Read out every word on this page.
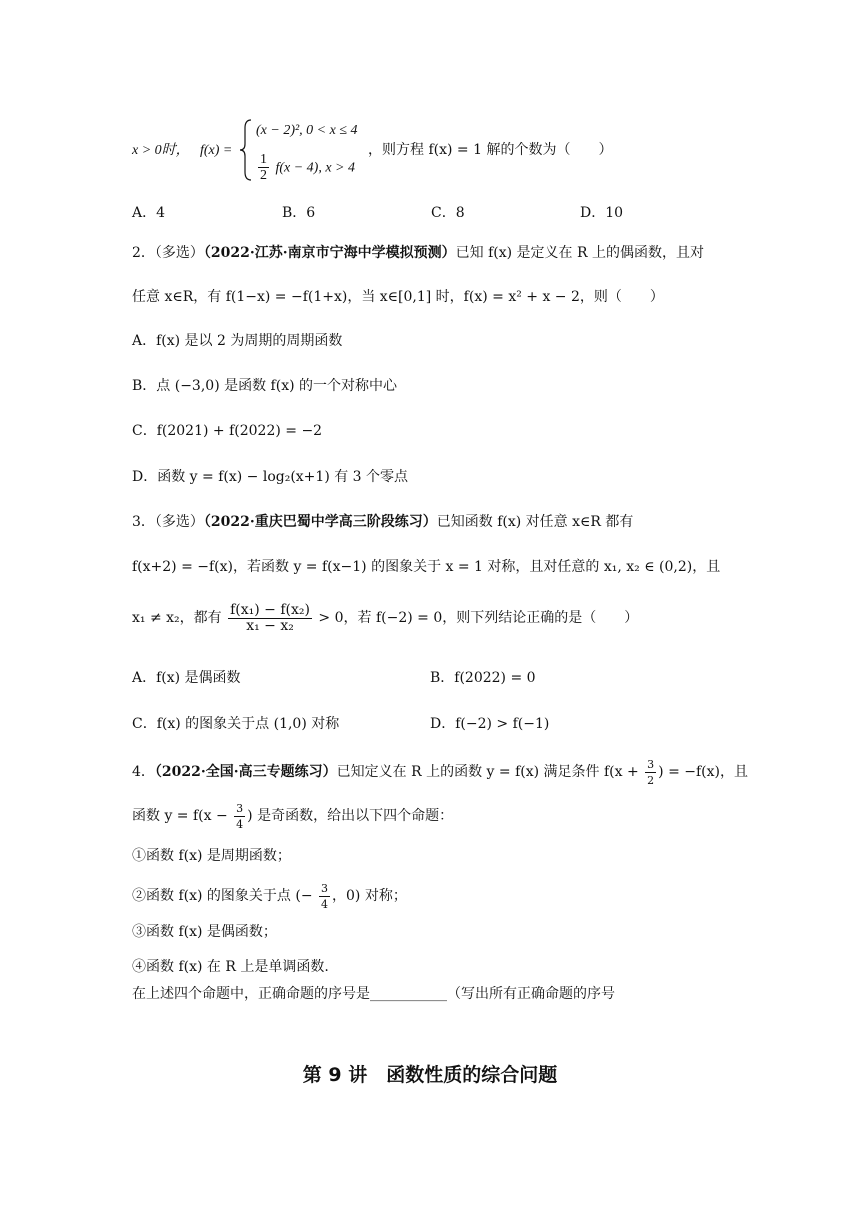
x > 0时， f(x) =
(x − 2)², 0 < x ≤ 4
$\frac{1}{2} f(x - 4)$, x > 4
，则方程 f(x) = 1 解的个数为（　　）
A．4	B．6	C．8	D．10
2．（多选）（2022·江苏·南京市宁海中学模拟预测）已知 f(x) 是定义在 R 上的偶函数，且对
任意 x∈R，有 f(1−x) = −f(1+x)，当 x∈[0,1] 时，f(x) = x² + x − 2，则（　　）
A．f(x) 是以 2 为周期的周期函数
B．点 (−3,0) 是函数 f(x) 的一个对称中心
C．f(2021) + f(2022) = −2
D．函数 y = f(x) − log₂(x+1) 有 3 个零点
3．（多选）（2022·重庆巴蜀中学高三阶段练习）已知函数 f(x) 对任意 x∈R 都有
f(x+2) = −f(x)，若函数 y = f(x−1) 的图象关于 x = 1 对称，且对任意的 x₁, x₂ ∈ (0,2)，且
x₁ ≠ x₂，都有 $\frac{\text{f(x₁) − f(x₂)}}{\text{x₁ − x₂}} > 0$，若 f(−2) = 0，则下列结论正确的是（　　）
A．f(x) 是偶函数	B．f(2022) = 0
C．f(x) 的图象关于点 (1,0) 对称	D．f(−2) > f(−1)
4．（2022·全国·高三专题练习）已知定义在 R 上的函数 y = f(x) 满足条件 $f(x + \frac{3}{2}$ ) = −f(x)，且
函数 $y = f(x - \frac{3}{4}$ ) 是奇函数，给出以下四个命题：
①函数 f(x) 是周期函数；
②函数 f(x) 的图象关于点 (− $\frac{3}{4}$ ，0) 对称；
③函数 f(x) 是偶函数；
④函数 f(x) 在 R 上是单调函数.
在上述四个命题中，正确命题的序号是___________（写出所有正确命题的序号
第 9 讲　函数性质的综合问题
